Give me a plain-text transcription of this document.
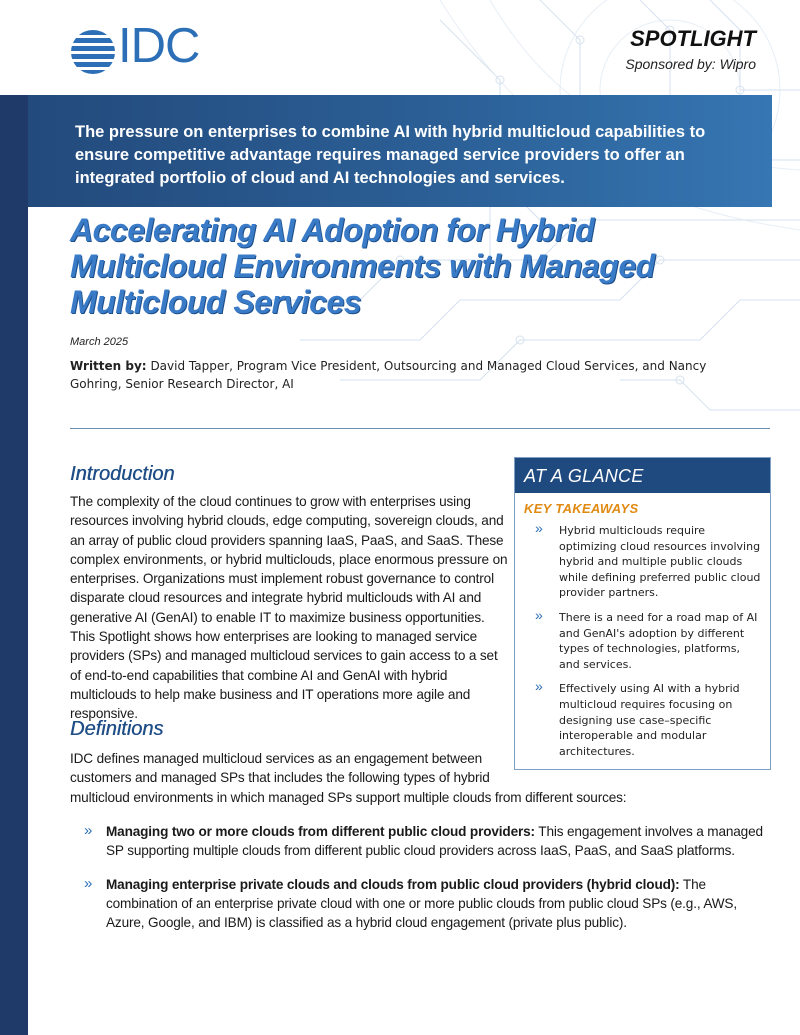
IDC	SPOTLIGHT
Sponsored by: Wipro

The pressure on enterprises to combine AI with hybrid multicloud capabilities to ensure competitive advantage requires managed service providers to offer an integrated portfolio of cloud and AI technologies and services.

Accelerating AI Adoption for Hybrid Multicloud Environments with Managed Multicloud Services
March 2025
Written by: David Tapper, Program Vice President, Outsourcing and Managed Cloud Services, and Nancy Gohring, Senior Research Director, AI
Introduction

The complexity of the cloud continues to grow with enterprises using resources involving hybrid clouds, edge computing, sovereign clouds, and an array of public cloud providers spanning IaaS, PaaS, and SaaS. These complex environments, or hybrid multiclouds, place enormous pressure on enterprises. Organizations must implement robust governance to control disparate cloud resources and integrate hybrid multiclouds with AI and generative AI (GenAI) to enable IT to maximize business opportunities. This Spotlight shows how enterprises are looking to managed service providers (SPs) and managed multicloud services to gain access to a set of end-to-end capabilities that combine AI and GenAI with hybrid multiclouds to help make business and IT operations more agile and responsive.

Definitions

IDC defines managed multicloud services as an engagement between customers and managed SPs that includes the following types of hybrid

multicloud environments in which managed SPs support multiple clouds from different sources:

» Managing two or more clouds from different public cloud providers: This engagement involves a managed SP supporting multiple clouds from different public cloud providers across IaaS, PaaS, and SaaS platforms.
» Managing enterprise private clouds and clouds from public cloud providers (hybrid cloud): The combination of an enterprise private cloud with one or more public clouds from public cloud SPs (e.g., AWS, Azure, Google, and IBM) is classified as a hybrid cloud engagement (private plus public).
AT A GLANCE
KEY TAKEAWAYS
» Hybrid multiclouds require optimizing cloud resources involving hybrid and multiple public clouds while defining preferred public cloud provider partners.
» There is a need for a road map of AI and GenAI's adoption by different types of technologies, platforms, and services.
» Effectively using AI with a hybrid multicloud requires focusing on designing use case–specific interoperable and modular architectures.
